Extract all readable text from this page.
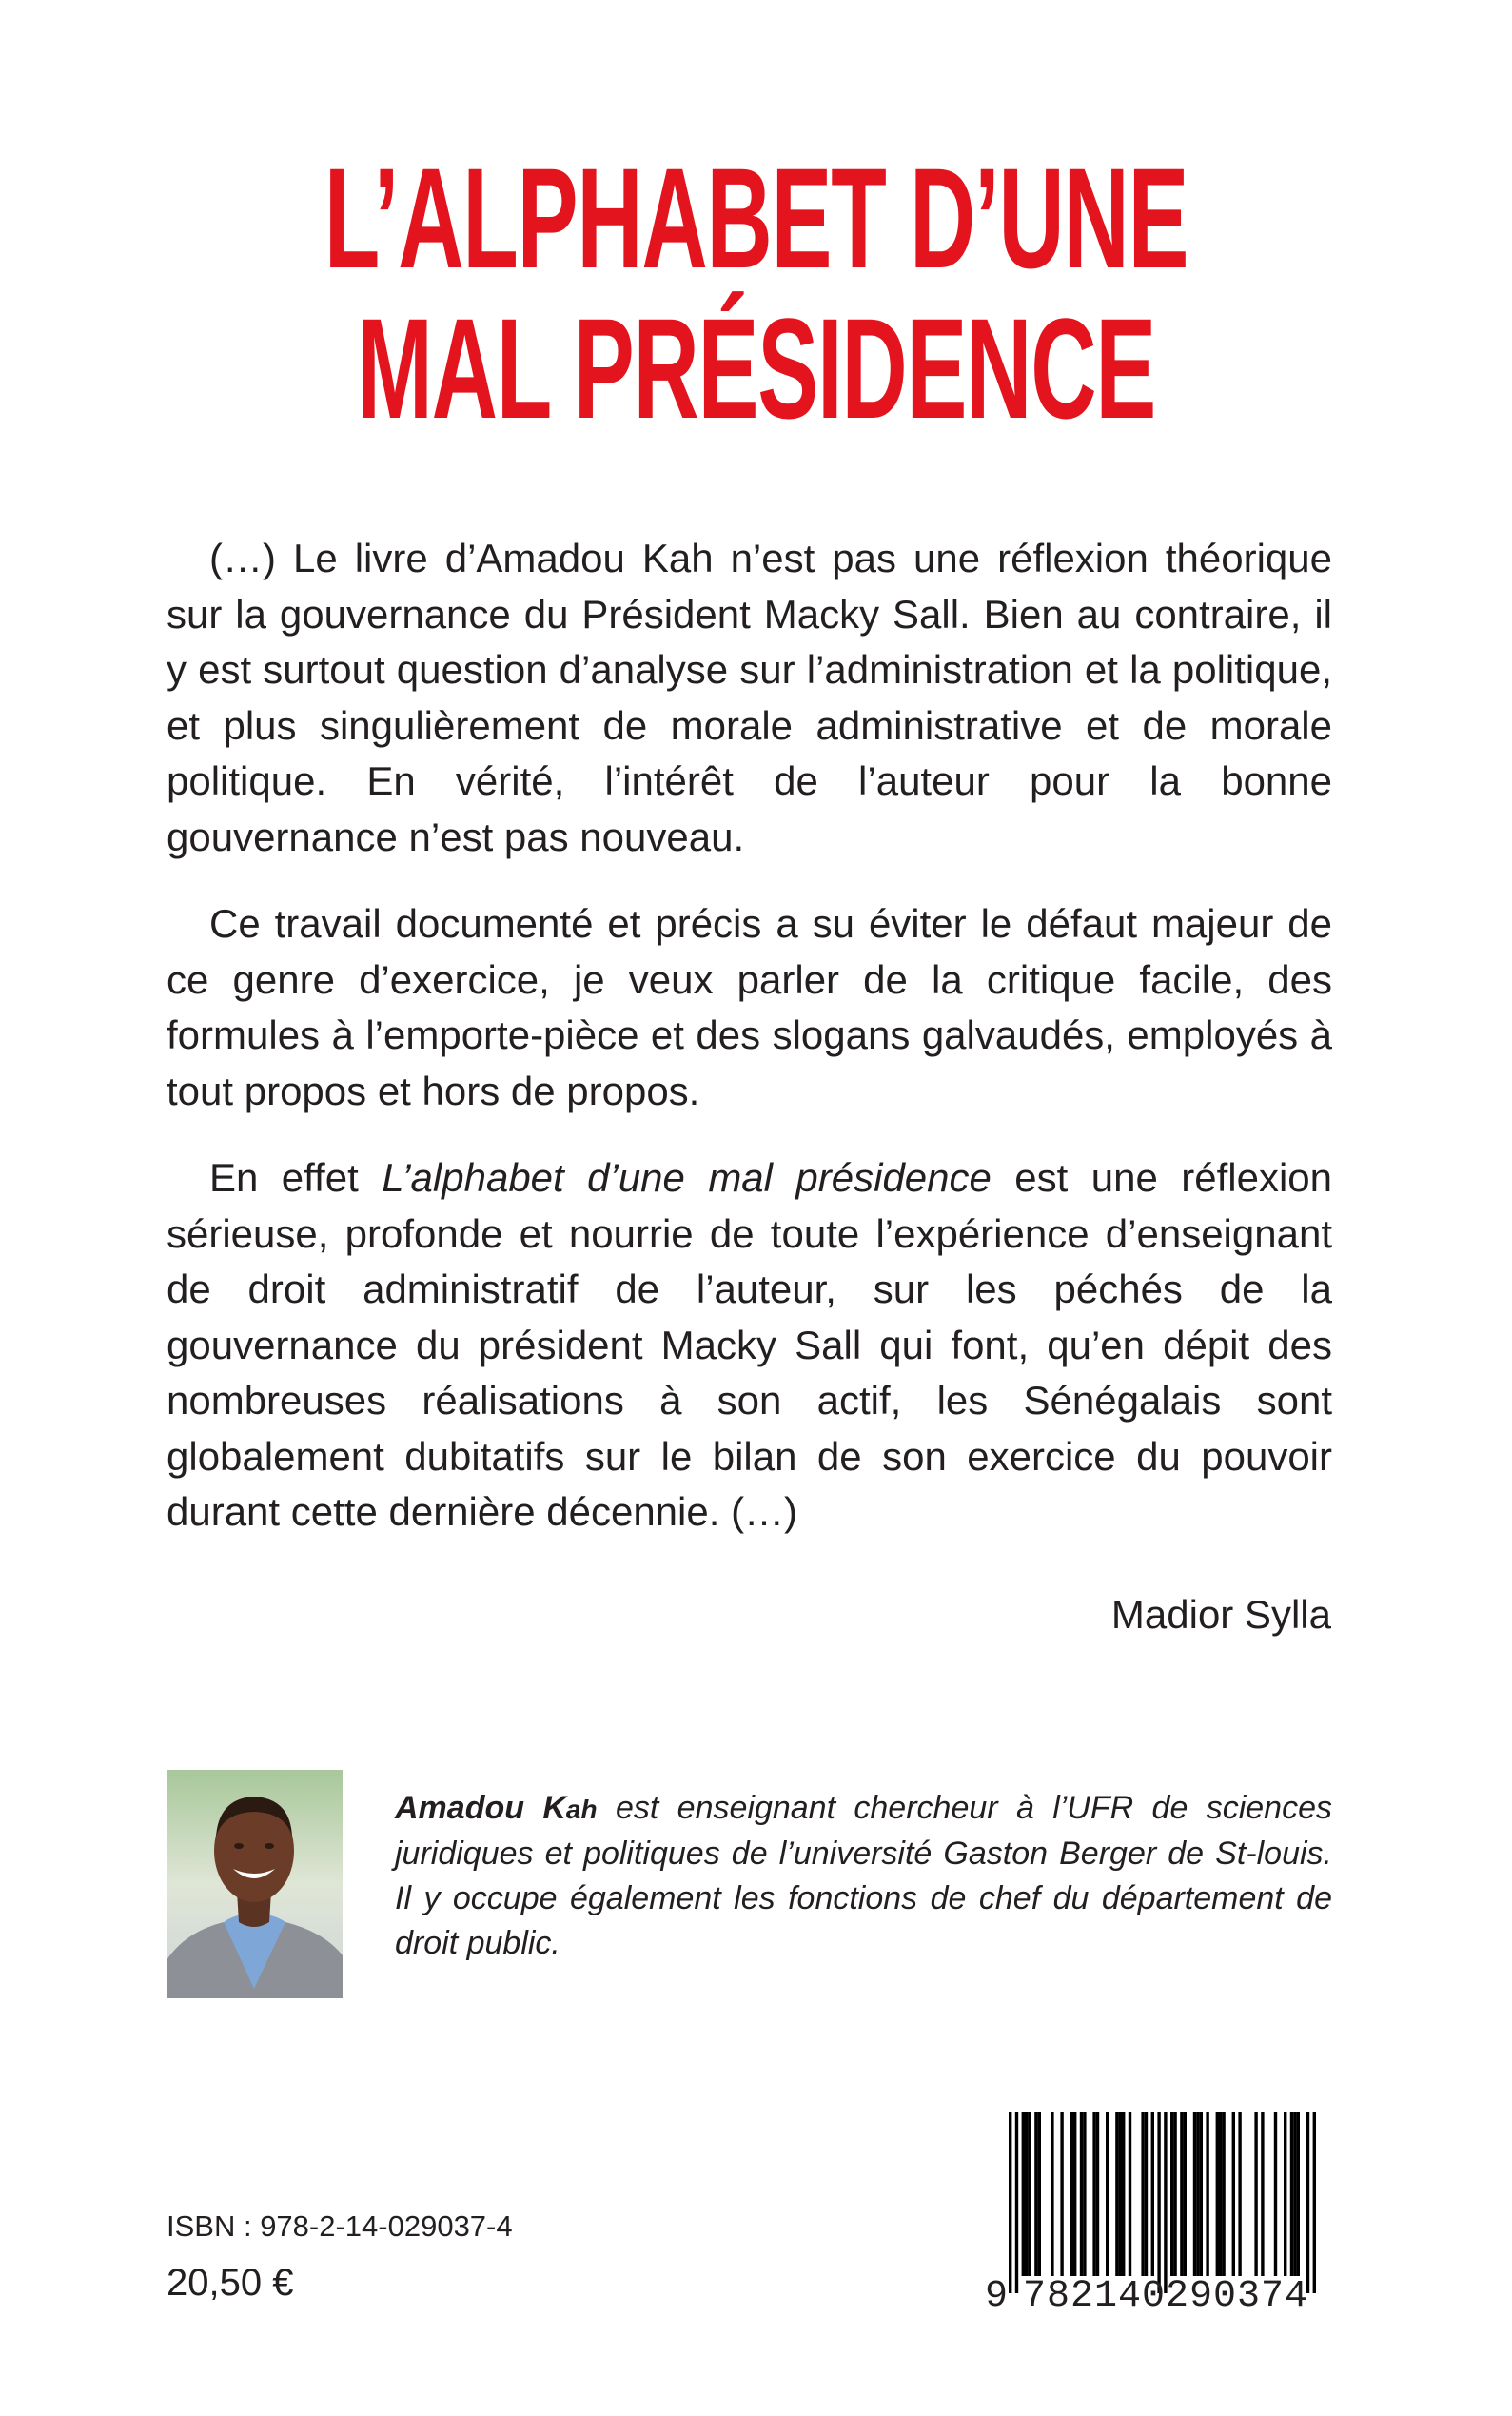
L’ALPHABET D’UNE
MAL PRÉSIDENCE

(…) Le livre d’Amadou Kah n’est pas une réflexion théorique sur la gouvernance du Président Macky Sall. Bien au contraire, il y est surtout question d’analyse sur l’administration et la politique, et plus singulièrement de morale administrative et de morale politique. En vérité, l’intérêt de l’auteur pour la bonne gouvernance n’est pas nouveau.

Ce travail documenté et précis a su éviter le défaut majeur de ce genre d’exercice, je veux parler de la critique facile, des formules à l’emporte-pièce et des slogans galvaudés, employés à tout propos et hors de propos.

En effet L’alphabet d’une mal présidence est une réflexion sérieuse, profonde et nourrie de toute l’expérience d’enseignant de droit administratif de l’auteur, sur les péchés de la gouvernance du président Macky Sall qui font, qu’en dépit des nombreuses réalisations à son actif, les Sénégalais sont globalement dubitatifs sur le bilan de son exercice du pouvoir durant cette dernière décennie. (…)

Madior Sylla
Amadou Kah est enseignant chercheur à l’UFR de sciences juridiques et politiques de l’université Gaston Berger de St-louis. Il y occupe également les fonctions de chef du département de droit public.
ISBN : 978-2-14-029037-4
20,50 €	9 782140 290374
